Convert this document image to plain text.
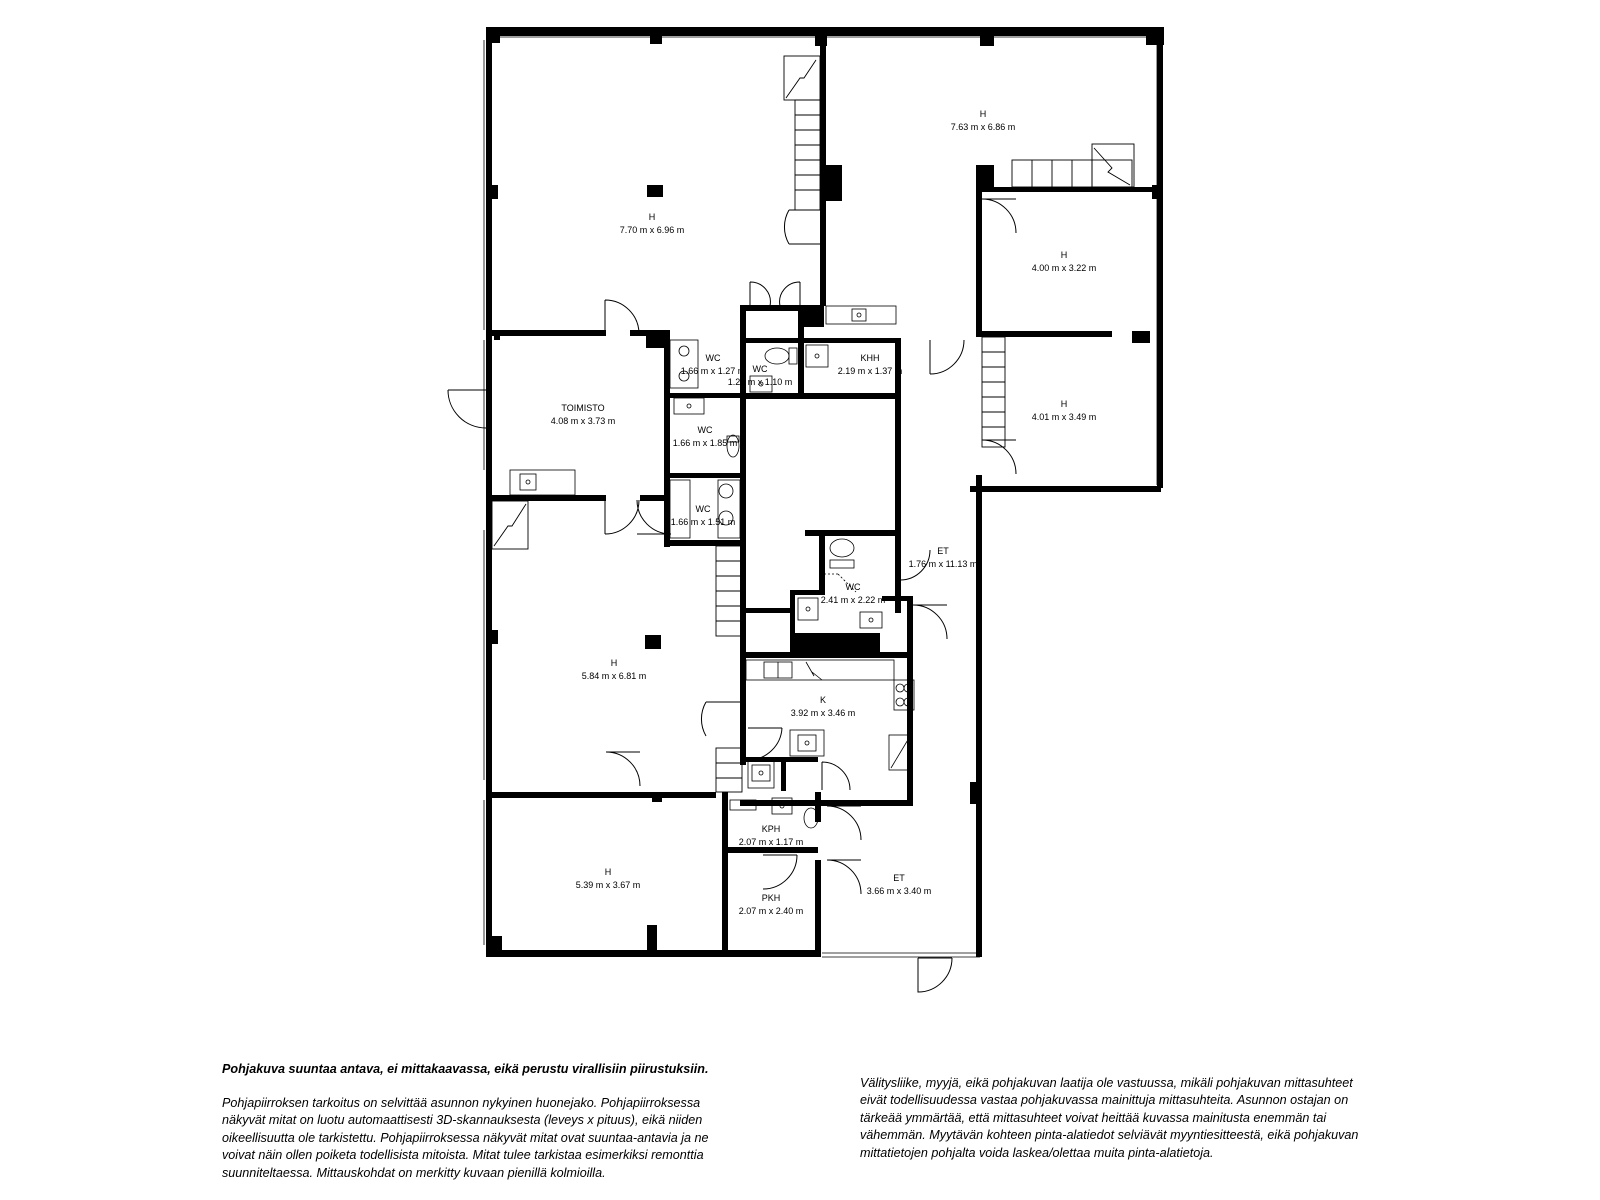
H
7.70 m x 6.96 m
H
7.63 m x 6.86 m
H
4.00 m x 3.22 m
H
4.01 m x 3.49 m
TOIMISTO
4.08 m x 3.73 m
WC
1.66 m x 1.27 m WC
1.21 m x 1.10 m
KHH
2.19 m x 1.37 m
WC
1.66 m x 1.85 m
WC
1.66 m x 1.51 m
ET
1.76 m x 11.13 m
WC
2.41 m x 2.22 m
H
5.84 m x 6.81 m
K
3.92 m x 3.46 m
KPH
2.07 m x 1.17 m
H
5.39 m x 3.67 m
PKH
2.07 m x 2.40 m
ET
3.66 m x 3.40 m

Pohjakuva suuntaa antava, ei mittakaavassa, eikä perustu virallisiin piirustuksiin.

Pohjapiirroksen tarkoitus on selvittää asunnon nykyinen huonejako. Pohjapiirroksessa näkyvät mitat on luotu automaattisesti 3D-skannauksesta (leveys x pituus), eikä niiden oikeellisuutta ole tarkistettu. Pohjapiirroksessa näkyvät mitat ovat suuntaa-antavia ja ne voivat näin ollen poiketa todellisista mitoista. Mitat tulee tarkistaa esimerkiksi remonttia suunniteltaessa. Mittauskohdat on merkitty kuvaan pienillä kolmioilla.

Välitysliike, myyjä, eikä pohjakuvan laatija ole vastuussa, mikäli pohjakuvan mittasuhteet eivät todellisuudessa vastaa pohjakuvassa mainittuja mittasuhteita. Asunnon ostajan on tärkeää ymmärtää, että mittasuhteet voivat heittää kuvassa mainitusta enemmän tai vähemmän. Myytävän kohteen pinta-alatiedot selviävät myyntiesitteestä, eikä pohjakuvan mittatietojen pohjalta voida laskea/olettaa muita pinta-alatietoja.
